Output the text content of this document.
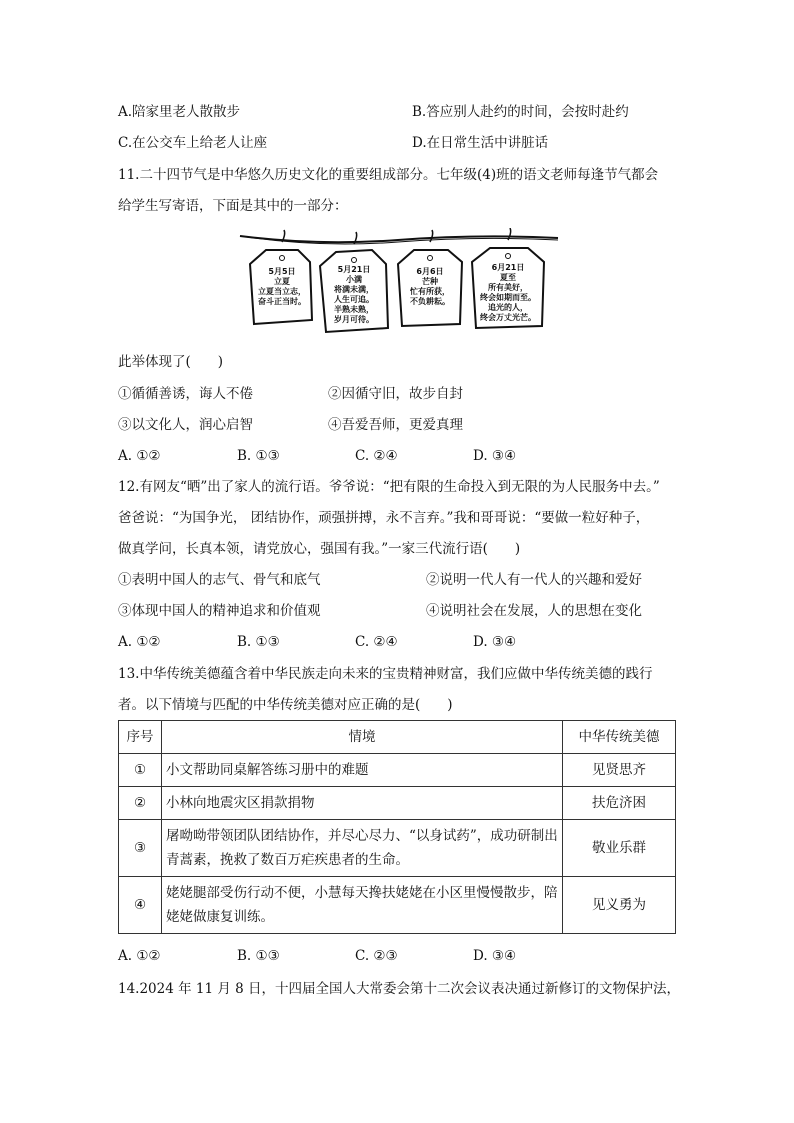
A.陪家里老人散散步	B.答应别人赴约的时间，会按时赴约
C.在公交车上给老人让座	D.在日常生活中讲脏话
11.二十四节气是中华悠久历史文化的重要组成部分。七年级(4)班的语文老师每逢节气都会
给学生写寄语，下面是其中的一部分：
5月5日
立夏
立夏当立志，
奋斗正当时。
5月21日
小满
将满未满，
人生可追。
半熟未熟，
岁月可待。
6月6日
芒种
忙有所获，
不负耕耘。
6月21日
夏至
所有美好，
终会如期而至。
追光的人，
终会万丈光芒。
此举体现了(　　)
①循循善诱，诲人不倦	②因循守旧，故步自封
③以文化人，润心启智	④吾爱吾师，更爱真理
A. ①②	B. ①③	C. ②④	D. ③④
12.有网友“晒”出了家人的流行语。爷爷说：“把有限的生命投入到无限的为人民服务中去。”
爸爸说：“为国争光， 团结协作，顽强拼搏，永不言弃。”我和哥哥说：“要做一粒好种子，
做真学问，长真本领，请党放心，强国有我。”一家三代流行语(　　)
①表明中国人的志气、骨气和底气	②说明一代人有一代人的兴趣和爱好
③体现中国人的精神追求和价值观	④说明社会在发展，人的思想在变化
A. ①②	B. ①③	C. ②④	D. ③④
13.中华传统美德蕴含着中华民族走向未来的宝贵精神财富，我们应做中华传统美德的践行
者。以下情境与匹配的中华传统美德对应正确的是(　　)
序号	情境	中华传统美德
①	小文帮助同桌解答练习册中的难题	见贤思齐
②	小林向地震灾区捐款捐物	扶危济困
③	屠呦呦带领团队团结协作，并尽心尽力、“以身试药”，成功研制出青蒿素，挽救了数百万疟疾患者的生命。	敬业乐群
④	姥姥腿部受伤行动不便，小慧每天搀扶姥姥在小区里慢慢散步，陪姥姥做康复训练。	见义勇为
A. ①②	B. ①③	C. ②③	D. ③④
14.2024 年 11 月 8 日，十四届全国人大常委会第十二次会议表决通过新修订的文物保护法，
